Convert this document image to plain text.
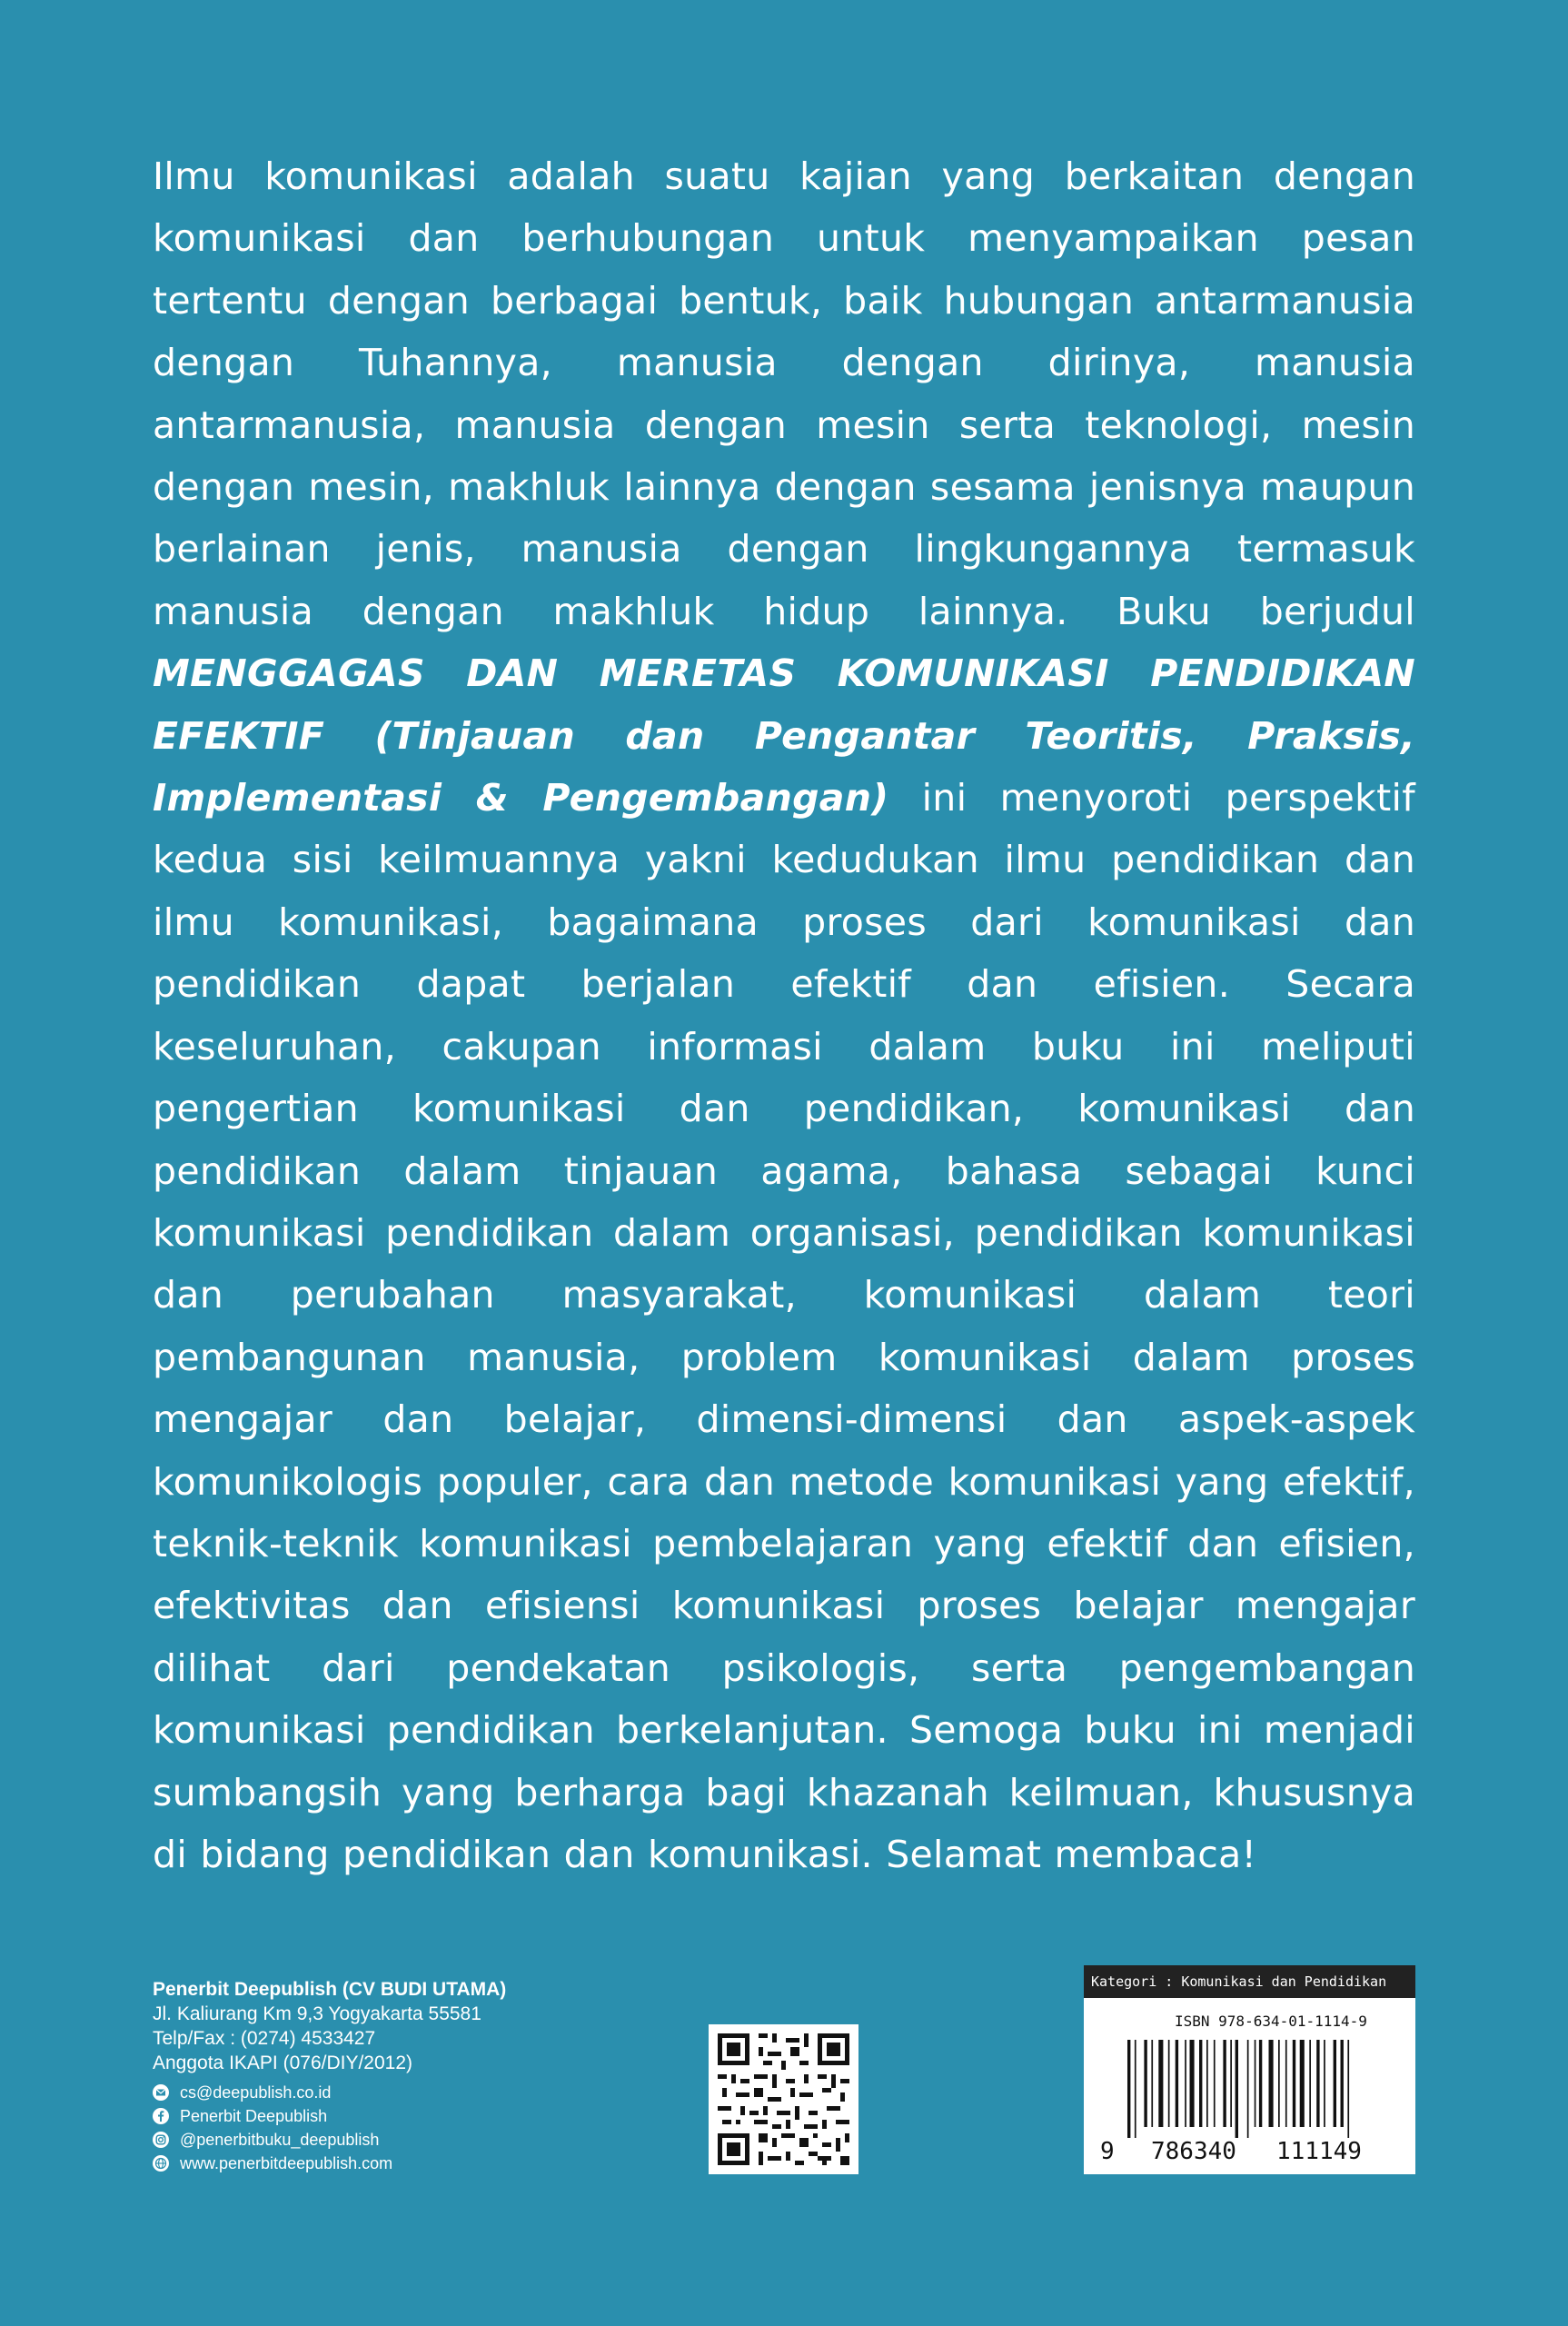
Ilmu komunikasi adalah suatu kajian yang berkaitan dengan komunikasi dan berhubungan untuk menyampaikan pesan tertentu dengan berbagai bentuk, baik hubungan antarmanusia dengan Tuhannya, manusia dengan dirinya, manusia antarmanusia, manusia dengan mesin serta teknologi, mesin dengan mesin, makhluk lainnya dengan sesama jenisnya maupun berlainan jenis, manusia dengan lingkungannya termasuk manusia dengan makhluk hidup lainnya. Buku berjudul MENGGAGAS DAN MERETAS KOMUNIKASI PENDIDIKAN EFEKTIF (Tinjauan dan Pengantar Teoritis, Praksis, Implementasi & Pengembangan) ini menyoroti perspektif kedua sisi keilmuannya yakni kedudukan ilmu pendidikan dan ilmu komunikasi, bagaimana proses dari komunikasi dan pendidikan dapat berjalan efektif dan efisien. Secara keseluruhan, cakupan informasi dalam buku ini meliputi pengertian komunikasi dan pendidikan, komunikasi dan pendidikan dalam tinjauan agama, bahasa sebagai kunci komunikasi pendidikan dalam organisasi, pendidikan komunikasi dan perubahan masyarakat, komunikasi dalam teori pembangunan manusia, problem komunikasi dalam proses mengajar dan belajar, dimensi-dimensi dan aspek-aspek komunikologis populer, cara dan metode komunikasi yang efektif, teknik-teknik komunikasi pembelajaran yang efektif dan efisien, efektivitas dan efisiensi komunikasi proses belajar mengajar dilihat dari pendekatan psikologis, serta pengembangan komunikasi pendidikan berkelanjutan. Semoga buku ini menjadi sumbangsih yang berharga bagi khazanah keilmuan, khususnya di bidang pendidikan dan komunikasi. Selamat membaca!

Penerbit Deepublish (CV BUDI UTAMA)
Jl. Kaliurang Km 9,3 Yogyakarta 55581
Telp/Fax : (0274) 4533427
Anggota IKAPI (076/DIY/2012)
cs@deepublish.co.id
Penerbit Deepublish
@penerbitbuku_deepublish
www.penerbitdeepublish.com
Kategori : Komunikasi dan Pendidikan
ISBN 978-634-01-1114-9
9 786340 111149
